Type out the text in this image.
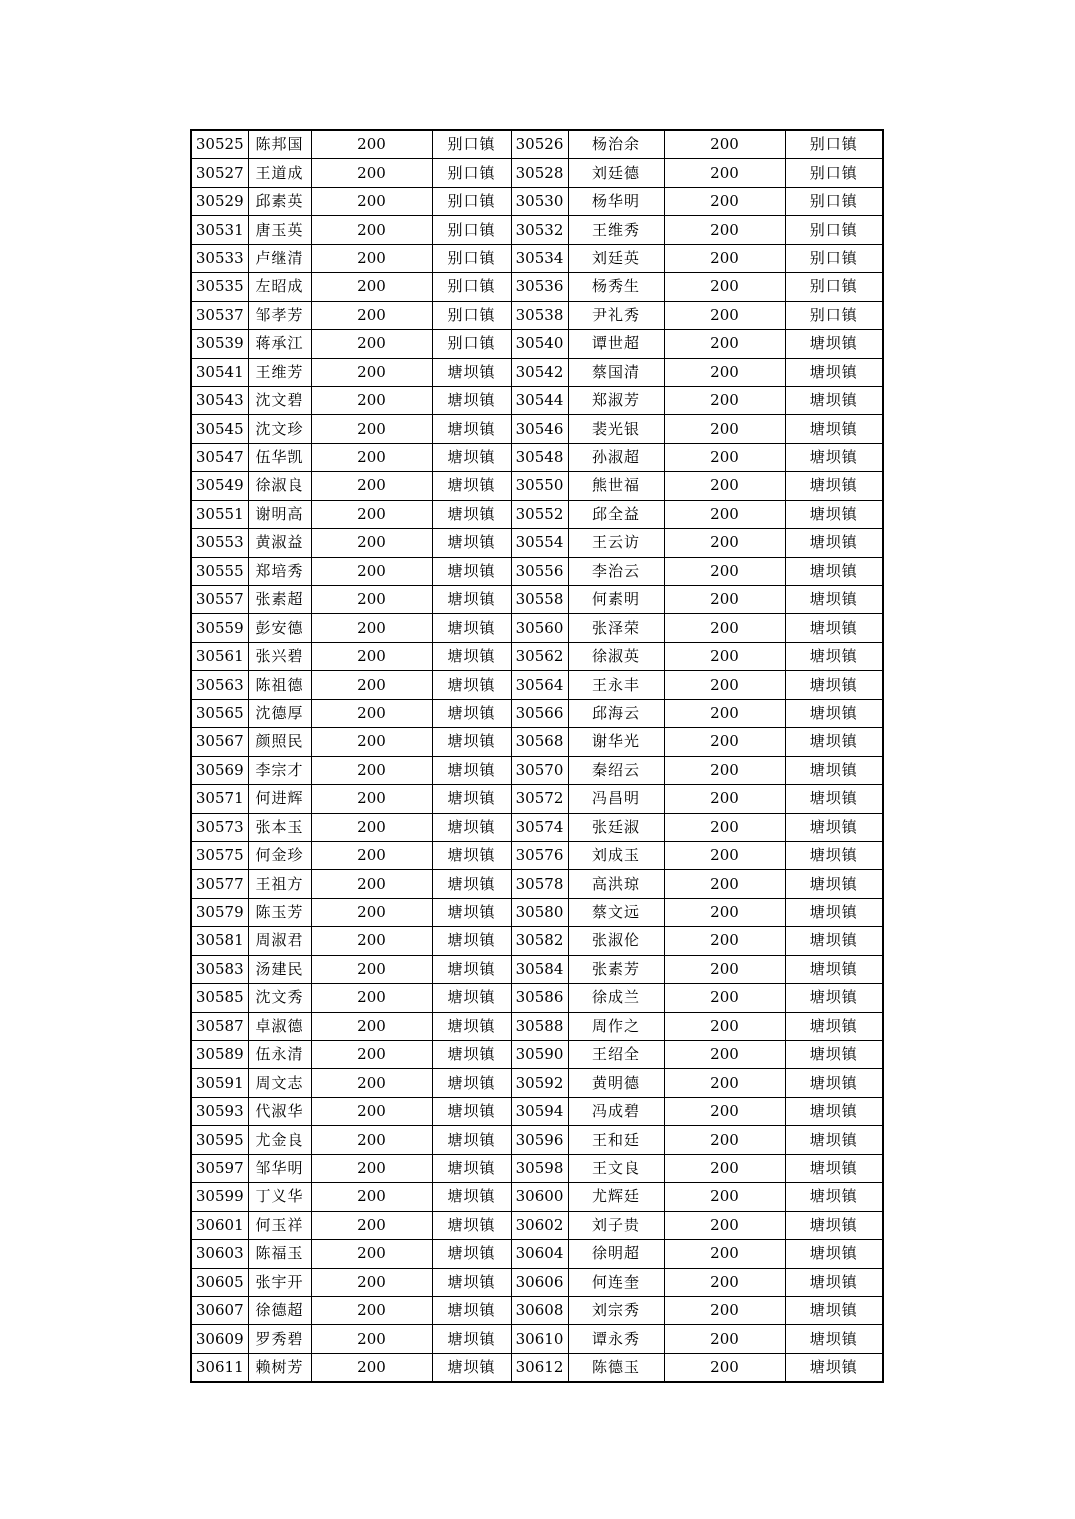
30525	陈邦国	200	别口镇	30526	杨治余	200	别口镇
30527	王道成	200	别口镇	30528	刘廷德	200	别口镇
30529	邱素英	200	别口镇	30530	杨华明	200	别口镇
30531	唐玉英	200	别口镇	30532	王维秀	200	别口镇
30533	卢继清	200	别口镇	30534	刘廷英	200	别口镇
30535	左昭成	200	别口镇	30536	杨秀生	200	别口镇
30537	邹孝芳	200	别口镇	30538	尹礼秀	200	别口镇
30539	蒋承江	200	别口镇	30540	谭世超	200	塘坝镇
30541	王维芳	200	塘坝镇	30542	蔡国清	200	塘坝镇
30543	沈文碧	200	塘坝镇	30544	郑淑芳	200	塘坝镇
30545	沈文珍	200	塘坝镇	30546	裴光银	200	塘坝镇
30547	伍华凯	200	塘坝镇	30548	孙淑超	200	塘坝镇
30549	徐淑良	200	塘坝镇	30550	熊世福	200	塘坝镇
30551	谢明高	200	塘坝镇	30552	邱全益	200	塘坝镇
30553	黄淑益	200	塘坝镇	30554	王云访	200	塘坝镇
30555	郑培秀	200	塘坝镇	30556	李治云	200	塘坝镇
30557	张素超	200	塘坝镇	30558	何素明	200	塘坝镇
30559	彭安德	200	塘坝镇	30560	张泽荣	200	塘坝镇
30561	张兴碧	200	塘坝镇	30562	徐淑英	200	塘坝镇
30563	陈祖德	200	塘坝镇	30564	王永丰	200	塘坝镇
30565	沈德厚	200	塘坝镇	30566	邱海云	200	塘坝镇
30567	颜照民	200	塘坝镇	30568	谢华光	200	塘坝镇
30569	李宗才	200	塘坝镇	30570	秦绍云	200	塘坝镇
30571	何进辉	200	塘坝镇	30572	冯昌明	200	塘坝镇
30573	张本玉	200	塘坝镇	30574	张廷淑	200	塘坝镇
30575	何金珍	200	塘坝镇	30576	刘成玉	200	塘坝镇
30577	王祖方	200	塘坝镇	30578	高洪琼	200	塘坝镇
30579	陈玉芳	200	塘坝镇	30580	蔡文远	200	塘坝镇
30581	周淑君	200	塘坝镇	30582	张淑伦	200	塘坝镇
30583	汤建民	200	塘坝镇	30584	张素芳	200	塘坝镇
30585	沈文秀	200	塘坝镇	30586	徐成兰	200	塘坝镇
30587	卓淑德	200	塘坝镇	30588	周作之	200	塘坝镇
30589	伍永清	200	塘坝镇	30590	王绍全	200	塘坝镇
30591	周文志	200	塘坝镇	30592	黄明德	200	塘坝镇
30593	代淑华	200	塘坝镇	30594	冯成碧	200	塘坝镇
30595	尤金良	200	塘坝镇	30596	王和廷	200	塘坝镇
30597	邹华明	200	塘坝镇	30598	王文良	200	塘坝镇
30599	丁义华	200	塘坝镇	30600	尤辉廷	200	塘坝镇
30601	何玉祥	200	塘坝镇	30602	刘子贵	200	塘坝镇
30603	陈福玉	200	塘坝镇	30604	徐明超	200	塘坝镇
30605	张宇开	200	塘坝镇	30606	何连奎	200	塘坝镇
30607	徐德超	200	塘坝镇	30608	刘宗秀	200	塘坝镇
30609	罗秀碧	200	塘坝镇	30610	谭永秀	200	塘坝镇
30611	赖树芳	200	塘坝镇	30612	陈德玉	200	塘坝镇
